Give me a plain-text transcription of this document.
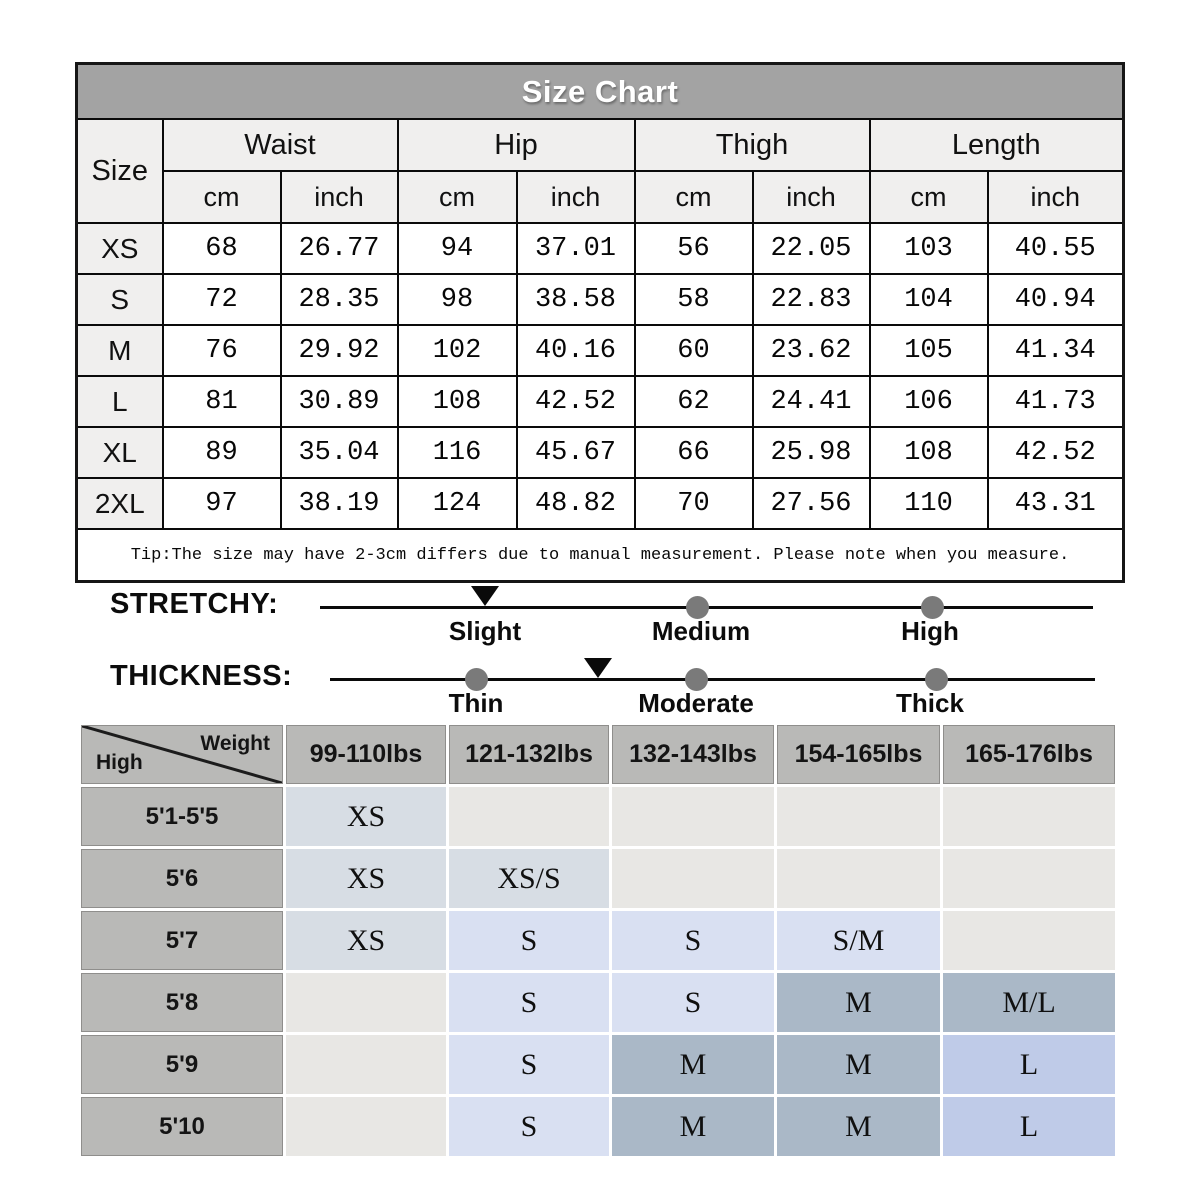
Size Chart								
Size	Waist		Hip		Thigh		Length	
	cm	inch	cm	inch	cm	inch	cm	inch
XS	68	26.77	94	37.01	56	22.05	103	40.55
S	72	28.35	98	38.58	58	22.83	104	40.94
M	76	29.92	102	40.16	60	23.62	105	41.34
L	81	30.89	108	42.52	62	24.41	106	41.73
XL	89	35.04	116	45.67	66	25.98	108	42.52
2XL	97	38.19	124	48.82	70	27.56	110	43.31
Tip:The size may have 2-3cm differs due to manual measurement. Please note when you measure.								
STRETCHY:
Slight	Medium	High
THICKNESS:
Thin	Moderate	Thick
Weight
High	99-110lbs	121-132lbs	132-143lbs	154-165lbs	165-176lbs
5'1-5'5	XS				
5'6	XS	XS/S			
5'7	XS	S	S	S/M	
5'8		S	S	M	M/L
5'9		S	M	M	L
5'10		S	M	M	L
